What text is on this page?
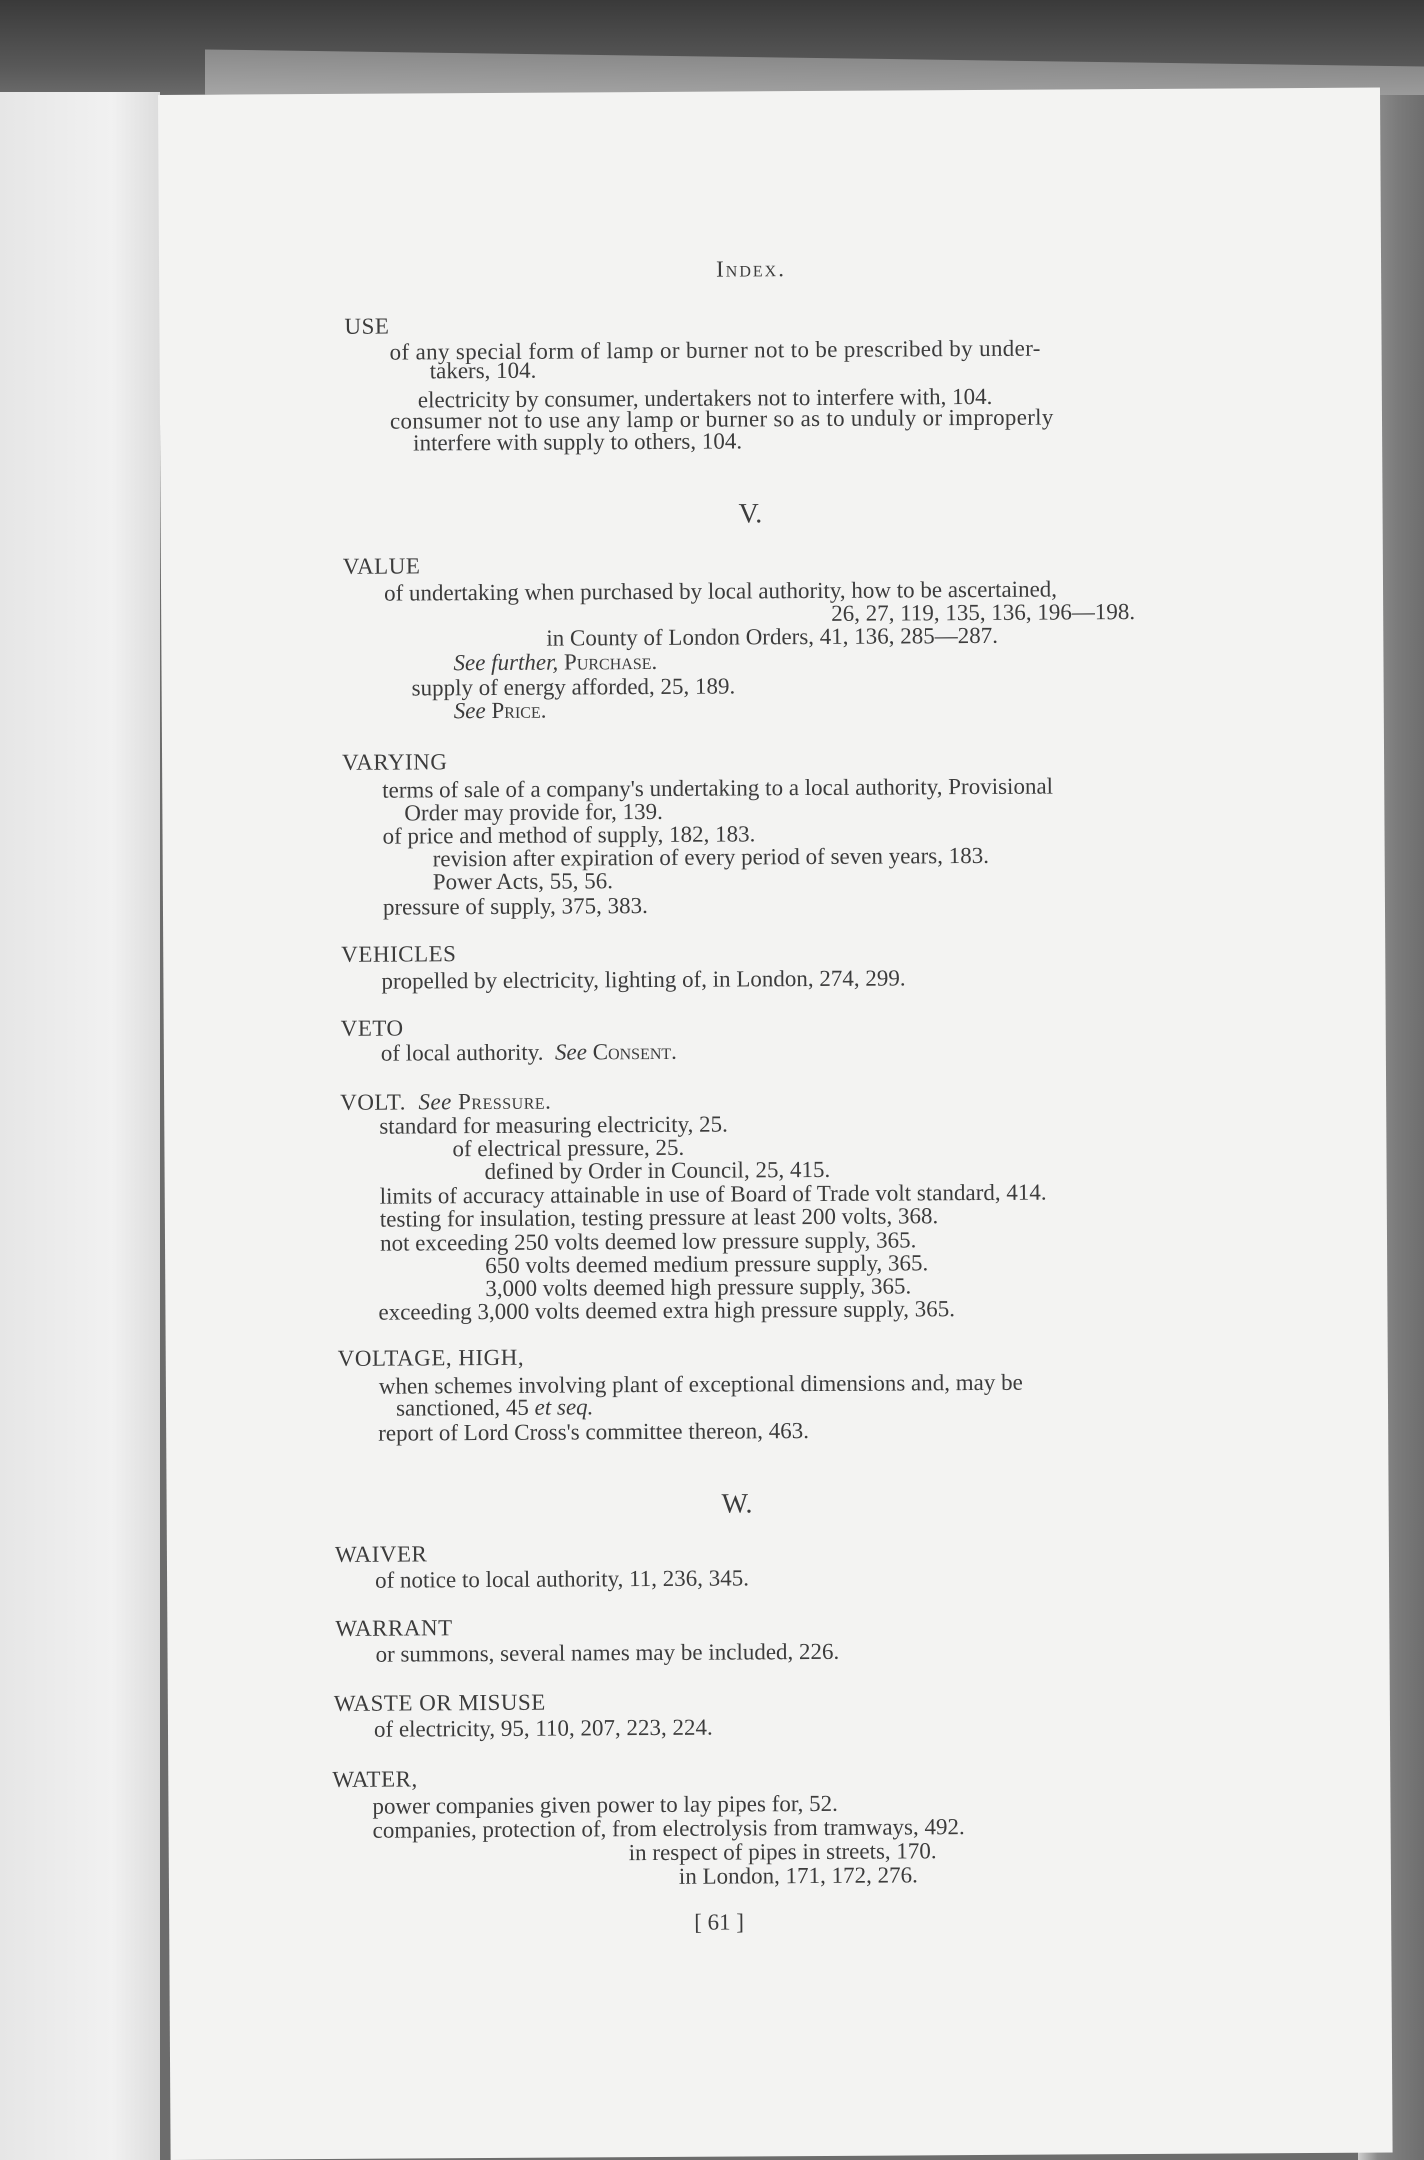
Index.
USE
of any special form of lamp or burner not to be prescribed by under-
takers, 104.
electricity by consumer, undertakers not to interfere with, 104.
consumer not to use any lamp or burner so as to unduly or improperly
interfere with supply to others, 104.
V.
VALUE
of undertaking when purchased by local authority, how to be ascertained,
26, 27, 119, 135, 136, 196—198.
in County of London Orders, 41, 136, 285—287.
See further, Purchase.
supply of energy afforded, 25, 189.
See Price.
VARYING
terms of sale of a company's undertaking to a local authority, Provisional
Order may provide for, 139.
of price and method of supply, 182, 183.
revision after expiration of every period of seven years, 183.
Power Acts, 55, 56.
pressure of supply, 375, 383.
VEHICLES
propelled by electricity, lighting of, in London, 274, 299.
VETO
of local authority. See Consent.
VOLT. See Pressure.
standard for measuring electricity, 25.
of electrical pressure, 25.
defined by Order in Council, 25, 415.
limits of accuracy attainable in use of Board of Trade volt standard, 414.
testing for insulation, testing pressure at least 200 volts, 368.
not exceeding 250 volts deemed low pressure supply, 365.
650 volts deemed medium pressure supply, 365.
3,000 volts deemed high pressure supply, 365.
exceeding 3,000 volts deemed extra high pressure supply, 365.
VOLTAGE, HIGH,
when schemes involving plant of exceptional dimensions and, may be
sanctioned, 45 et seq.
report of Lord Cross's committee thereon, 463.
W.
WAIVER
of notice to local authority, 11, 236, 345.
WARRANT
or summons, several names may be included, 226.
WASTE OR MISUSE
of electricity, 95, 110, 207, 223, 224.
WATER,
power companies given power to lay pipes for, 52.
companies, protection of, from electrolysis from tramways, 492.
in respect of pipes in streets, 170.
in London, 171, 172, 276.
[ 61 ]
